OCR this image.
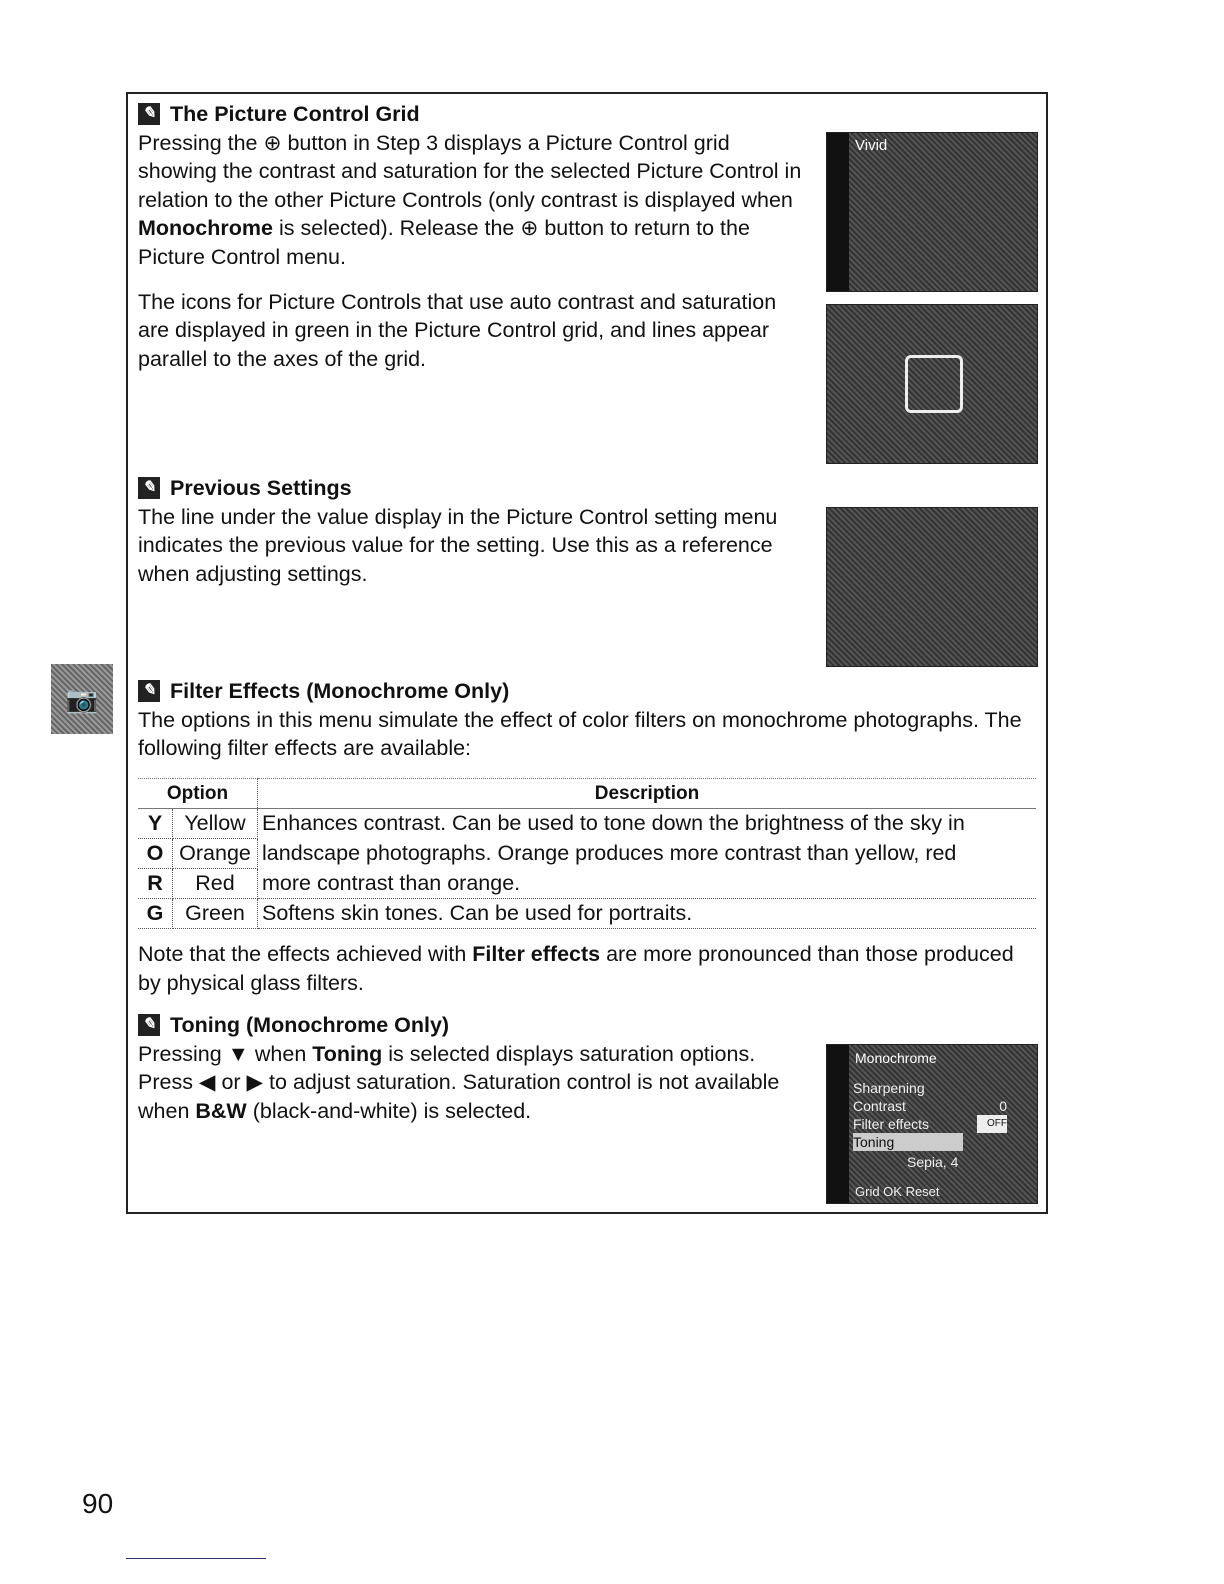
📷
✎ The Picture Control Grid

Pressing the ⊕ button in Step 3 displays a Picture Control grid showing the contrast and saturation for the selected Picture Control in relation to the other Picture Controls (only contrast is displayed when Monochrome is selected). Release the ⊕ button to return to the Picture Control menu.

The icons for Picture Controls that use auto contrast and saturation are displayed in green in the Picture Control grid, and lines appear parallel to the axes of the grid.

Vivid
✎ Previous Settings

The line under the value display in the Picture Control setting menu indicates the previous value for the setting. Use this as a reference when adjusting settings.

✎ Filter Effects (Monochrome Only)

The options in this menu simulate the effect of color filters on monochrome photographs. The following filter effects are available:

Option		Description
Y	Yellow	Enhances contrast. Can be used to tone down the brightness of the sky in
O	Orange	landscape photographs. Orange produces more contrast than yellow, red
R	Red	more contrast than orange.
G	Green	Softens skin tones. Can be used for portraits.

Note that the effects achieved with Filter effects are more pronounced than those produced by physical glass filters.

✎ Toning (Monochrome Only)

Pressing ▼ when Toning is selected displays saturation options. Press ◀ or ▶ to adjust saturation. Saturation control is not available when B&W (black-and-white) is selected.

Monochrome
Sharpening
Contrast
Filter effects
Toning

0
OFF
Sepia, 4
Grid OK Reset
90
